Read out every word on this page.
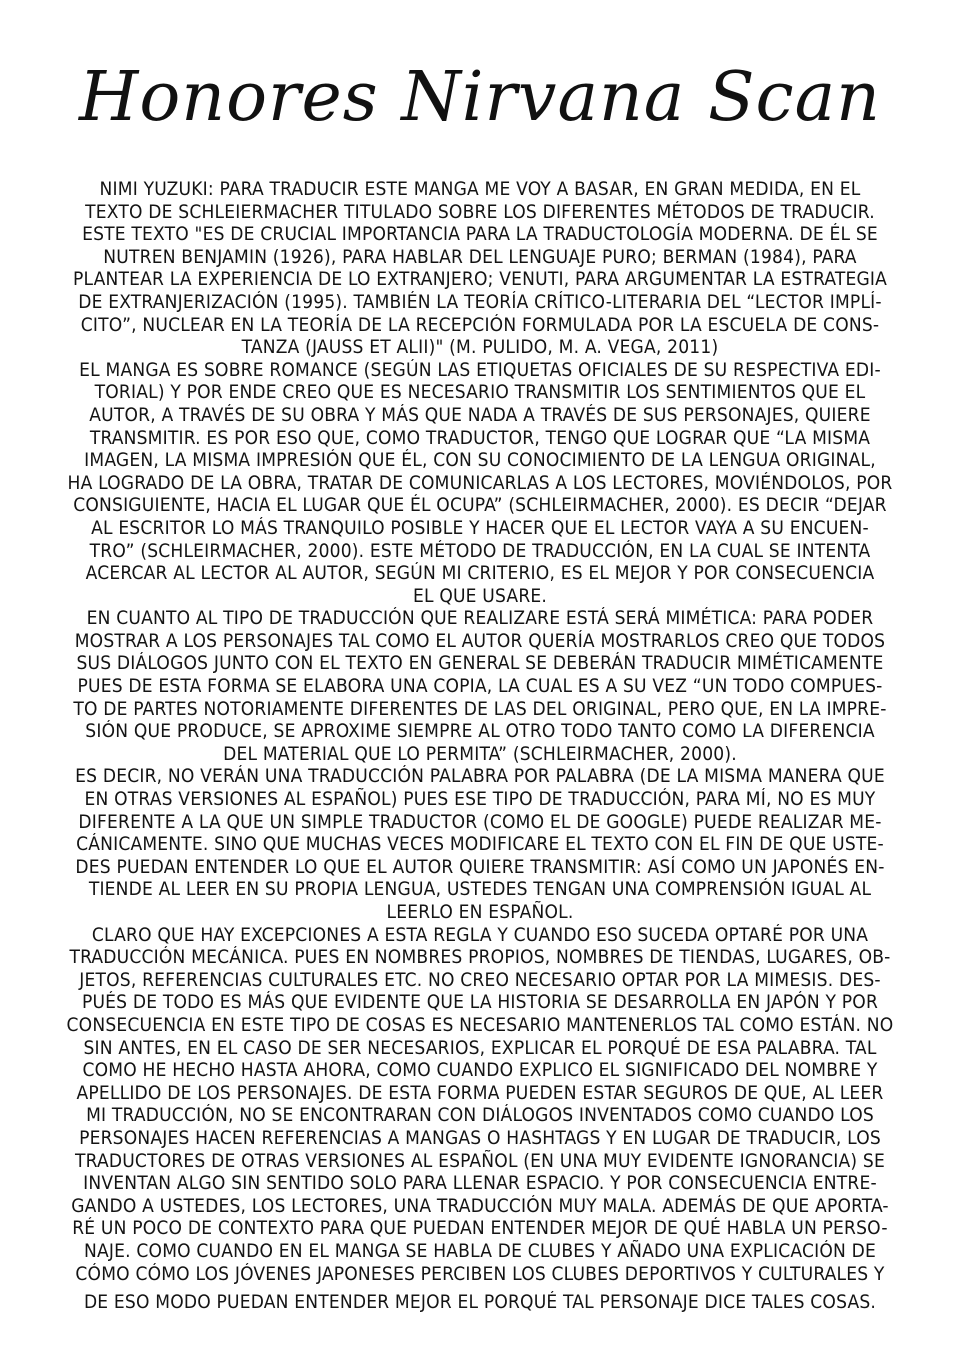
Honores Nirvana Scan
NIMI YUZUKI: PARA TRADUCIR ESTE MANGA ME VOY A BASAR, EN GRAN MEDIDA, EN EL
TEXTO DE SCHLEIERMACHER TITULADO SOBRE LOS DIFERENTES MÉTODOS DE TRADUCIR.
ESTE TEXTO "ES DE CRUCIAL IMPORTANCIA PARA LA TRADUCTOLOGÍA MODERNA. DE ÉL SE
NUTREN BENJAMIN (1926), PARA HABLAR DEL LENGUAJE PURO; BERMAN (1984), PARA
PLANTEAR LA EXPERIENCIA DE LO EXTRANJERO; VENUTI, PARA ARGUMENTAR LA ESTRATEGIA
DE EXTRANJERIZACIÓN (1995). TAMBIÉN LA TEORÍA CRÍTICO-LITERARIA DEL “LECTOR IMPLÍ-
CITO”, NUCLEAR EN LA TEORÍA DE LA RECEPCIÓN FORMULADA POR LA ESCUELA DE CONS-
TANZA (JAUSS ET ALII)" (M. PULIDO, M. A. VEGA, 2011)
EL MANGA ES SOBRE ROMANCE (SEGÚN LAS ETIQUETAS OFICIALES DE SU RESPECTIVA EDI-
TORIAL) Y POR ENDE CREO QUE ES NECESARIO TRANSMITIR LOS SENTIMIENTOS QUE EL
AUTOR, A TRAVÉS DE SU OBRA Y MÁS QUE NADA A TRAVÉS DE SUS PERSONAJES, QUIERE
TRANSMITIR. ES POR ESO QUE, COMO TRADUCTOR, TENGO QUE LOGRAR QUE “LA MISMA
IMAGEN, LA MISMA IMPRESIÓN QUE ÉL, CON SU CONOCIMIENTO DE LA LENGUA ORIGINAL,
HA LOGRADO DE LA OBRA, TRATAR DE COMUNICARLAS A LOS LECTORES, MOVIÉNDOLOS, POR
CONSIGUIENTE, HACIA EL LUGAR QUE ÉL OCUPA” (SCHLEIRMACHER, 2000). ES DECIR “DEJAR
AL ESCRITOR LO MÁS TRANQUILO POSIBLE Y HACER QUE EL LECTOR VAYA A SU ENCUEN-
TRO” (SCHLEIRMACHER, 2000). ESTE MÉTODO DE TRADUCCIÓN, EN LA CUAL SE INTENTA
ACERCAR AL LECTOR AL AUTOR, SEGÚN MI CRITERIO, ES EL MEJOR Y POR CONSECUENCIA
EL QUE USARE.
EN CUANTO AL TIPO DE TRADUCCIÓN QUE REALIZARE ESTÁ SERÁ MIMÉTICA: PARA PODER
MOSTRAR A LOS PERSONAJES TAL COMO EL AUTOR QUERÍA MOSTRARLOS CREO QUE TODOS
SUS DIÁLOGOS JUNTO CON EL TEXTO EN GENERAL SE DEBERÁN TRADUCIR MIMÉTICAMENTE
PUES DE ESTA FORMA SE ELABORA UNA COPIA, LA CUAL ES A SU VEZ “UN TODO COMPUES-
TO DE PARTES NOTORIAMENTE DIFERENTES DE LAS DEL ORIGINAL, PERO QUE, EN LA IMPRE-
SIÓN QUE PRODUCE, SE APROXIME SIEMPRE AL OTRO TODO TANTO COMO LA DIFERENCIA
DEL MATERIAL QUE LO PERMITA” (SCHLEIRMACHER, 2000).
ES DECIR, NO VERÁN UNA TRADUCCIÓN PALABRA POR PALABRA (DE LA MISMA MANERA QUE
EN OTRAS VERSIONES AL ESPAÑOL) PUES ESE TIPO DE TRADUCCIÓN, PARA MÍ, NO ES MUY
DIFERENTE A LA QUE UN SIMPLE TRADUCTOR (COMO EL DE GOOGLE) PUEDE REALIZAR ME-
CÁNICAMENTE. SINO QUE MUCHAS VECES MODIFICARE EL TEXTO CON EL FIN DE QUE USTE-
DES PUEDAN ENTENDER LO QUE EL AUTOR QUIERE TRANSMITIR: ASÍ COMO UN JAPONÉS EN-
TIENDE AL LEER EN SU PROPIA LENGUA, USTEDES TENGAN UNA COMPRENSIÓN IGUAL AL
LEERLO EN ESPAÑOL.
CLARO QUE HAY EXCEPCIONES A ESTA REGLA Y CUANDO ESO SUCEDA OPTARÉ POR UNA
TRADUCCIÓN MECÁNICA. PUES EN NOMBRES PROPIOS, NOMBRES DE TIENDAS, LUGARES, OB-
JETOS, REFERENCIAS CULTURALES ETC. NO CREO NECESARIO OPTAR POR LA MIMESIS. DES-
PUÉS DE TODO ES MÁS QUE EVIDENTE QUE LA HISTORIA SE DESARROLLA EN JAPÓN Y POR
CONSECUENCIA EN ESTE TIPO DE COSAS ES NECESARIO MANTENERLOS TAL COMO ESTÁN. NO
SIN ANTES, EN EL CASO DE SER NECESARIOS, EXPLICAR EL PORQUÉ DE ESA PALABRA. TAL
COMO HE HECHO HASTA AHORA, COMO CUANDO EXPLICO EL SIGNIFICADO DEL NOMBRE Y
APELLIDO DE LOS PERSONAJES. DE ESTA FORMA PUEDEN ESTAR SEGUROS DE QUE, AL LEER
MI TRADUCCIÓN, NO SE ENCONTRARAN CON DIÁLOGOS INVENTADOS COMO CUANDO LOS
PERSONAJES HACEN REFERENCIAS A MANGAS O HASHTAGS Y EN LUGAR DE TRADUCIR, LOS
TRADUCTORES DE OTRAS VERSIONES AL ESPAÑOL (EN UNA MUY EVIDENTE IGNORANCIA) SE
INVENTAN ALGO SIN SENTIDO SOLO PARA LLENAR ESPACIO. Y POR CONSECUENCIA ENTRE-
GANDO A USTEDES, LOS LECTORES, UNA TRADUCCIÓN MUY MALA. ADEMÁS DE QUE APORTA-
RÉ UN POCO DE CONTEXTO PARA QUE PUEDAN ENTENDER MEJOR DE QUÉ HABLA UN PERSO-
NAJE. COMO CUANDO EN EL MANGA SE HABLA DE CLUBES Y AÑADO UNA EXPLICACIÓN DE
CÓMO CÓMO LOS JÓVENES JAPONESES PERCIBEN LOS CLUBES DEPORTIVOS Y CULTURALES Y
DE ESO MODO PUEDAN ENTENDER MEJOR EL PORQUÉ TAL PERSONAJE DICE TALES COSAS.
